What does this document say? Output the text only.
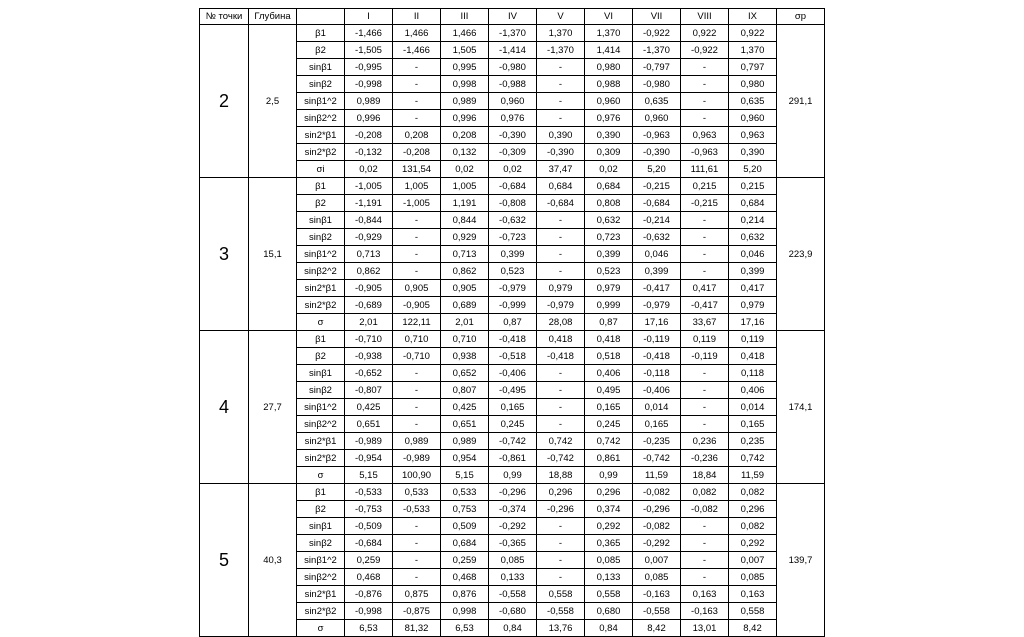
№ точки	Глубина		I	II	III	IV	V	VI	VII	VIII	IX	σр
2	2,5	β1	-1,466	1,466	1,466	-1,370	1,370	1,370	-0,922	0,922	0,922	291,1
		β2	-1,505	-1,466	1,505	-1,414	-1,370	1,414	-1,370	-0,922	1,370	
		sinβ1	-0,995	-	0,995	-0,980	-	0,980	-0,797	-	0,797	
		sinβ2	-0,998	-	0,998	-0,988	-	0,988	-0,980	-	0,980	
		sinβ1^2	0,989	-	0,989	0,960	-	0,960	0,635	-	0,635	
		sinβ2^2	0,996	-	0,996	0,976	-	0,976	0,960	-	0,960	
		sin2*β1	-0,208	0,208	0,208	-0,390	0,390	0,390	-0,963	0,963	0,963	
		sin2*β2	-0,132	-0,208	0,132	-0,309	-0,390	0,309	-0,390	-0,963	0,390	
		σi	0,02	131,54	0,02	0,02	37,47	0,02	5,20	111,61	5,20	
3	15,1	β1	-1,005	1,005	1,005	-0,684	0,684	0,684	-0,215	0,215	0,215	223,9
		β2	-1,191	-1,005	1,191	-0,808	-0,684	0,808	-0,684	-0,215	0,684	
		sinβ1	-0,844	-	0,844	-0,632	-	0,632	-0,214	-	0,214	
		sinβ2	-0,929	-	0,929	-0,723	-	0,723	-0,632	-	0,632	
		sinβ1^2	0,713	-	0,713	0,399	-	0,399	0,046	-	0,046	
		sinβ2^2	0,862	-	0,862	0,523	-	0,523	0,399	-	0,399	
		sin2*β1	-0,905	0,905	0,905	-0,979	0,979	0,979	-0,417	0,417	0,417	
		sin2*β2	-0,689	-0,905	0,689	-0,999	-0,979	0,999	-0,979	-0,417	0,979	
		σ	2,01	122,11	2,01	0,87	28,08	0,87	17,16	33,67	17,16	
4	27,7	β1	-0,710	0,710	0,710	-0,418	0,418	0,418	-0,119	0,119	0,119	174,1
		β2	-0,938	-0,710	0,938	-0,518	-0,418	0,518	-0,418	-0,119	0,418	
		sinβ1	-0,652	-	0,652	-0,406	-	0,406	-0,118	-	0,118	
		sinβ2	-0,807	-	0,807	-0,495	-	0,495	-0,406	-	0,406	
		sinβ1^2	0,425	-	0,425	0,165	-	0,165	0,014	-	0,014	
		sinβ2^2	0,651	-	0,651	0,245	-	0,245	0,165	-	0,165	
		sin2*β1	-0,989	0,989	0,989	-0,742	0,742	0,742	-0,235	0,236	0,235	
		sin2*β2	-0,954	-0,989	0,954	-0,861	-0,742	0,861	-0,742	-0,236	0,742	
		σ	5,15	100,90	5,15	0,99	18,88	0,99	11,59	18,84	11,59	
5	40,3	β1	-0,533	0,533	0,533	-0,296	0,296	0,296	-0,082	0,082	0,082	139,7
		β2	-0,753	-0,533	0,753	-0,374	-0,296	0,374	-0,296	-0,082	0,296	
		sinβ1	-0,509	-	0,509	-0,292	-	0,292	-0,082	-	0,082	
		sinβ2	-0,684	-	0,684	-0,365	-	0,365	-0,292	-	0,292	
		sinβ1^2	0,259	-	0,259	0,085	-	0,085	0,007	-	0,007	
		sinβ2^2	0,468	-	0,468	0,133	-	0,133	0,085	-	0,085	
		sin2*β1	-0,876	0,875	0,876	-0,558	0,558	0,558	-0,163	0,163	0,163	
		sin2*β2	-0,998	-0,875	0,998	-0,680	-0,558	0,680	-0,558	-0,163	0,558	
		σ	6,53	81,32	6,53	0,84	13,76	0,84	8,42	13,01	8,42	
